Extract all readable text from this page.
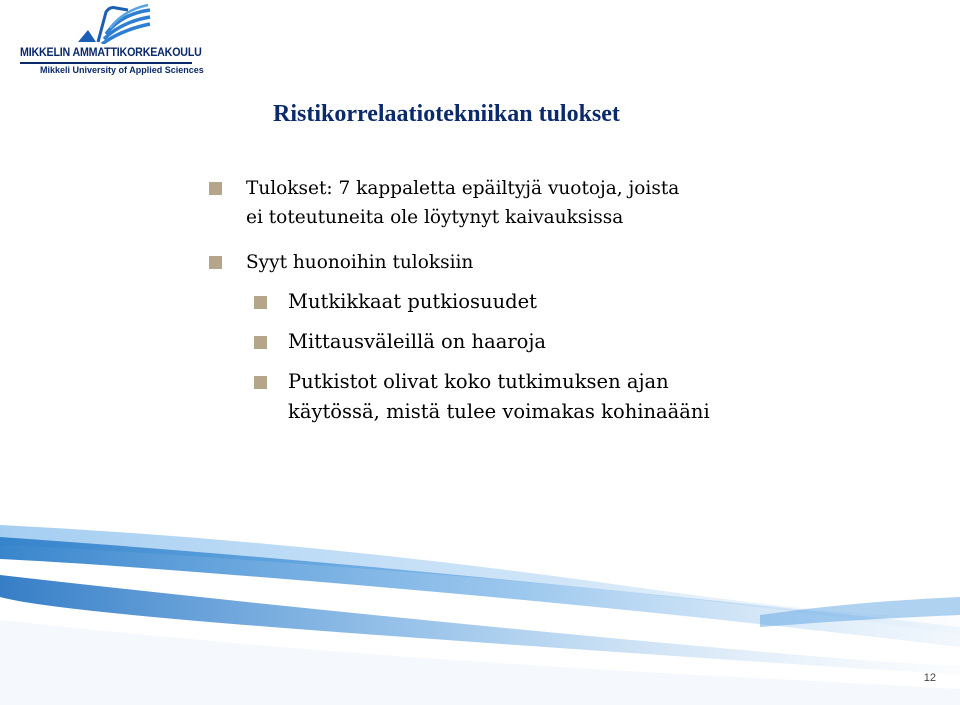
MIKKELIN AMMATTIKORKEAKOULU
Mikkeli University of Applied Sciences
Ristikorrelaatiotekniikan tulokset
Tulokset: 7 kappaletta epäiltyjä vuotoja, joista
ei toteutuneita ole löytynyt kaivauksissa
Syyt huonoihin tuloksiin
Mutkikkaat putkiosuudet
Mittausväleillä on haaroja
Putkistot olivat koko tutkimuksen ajan
käytössä, mistä tulee voimakas kohinaääni
12
